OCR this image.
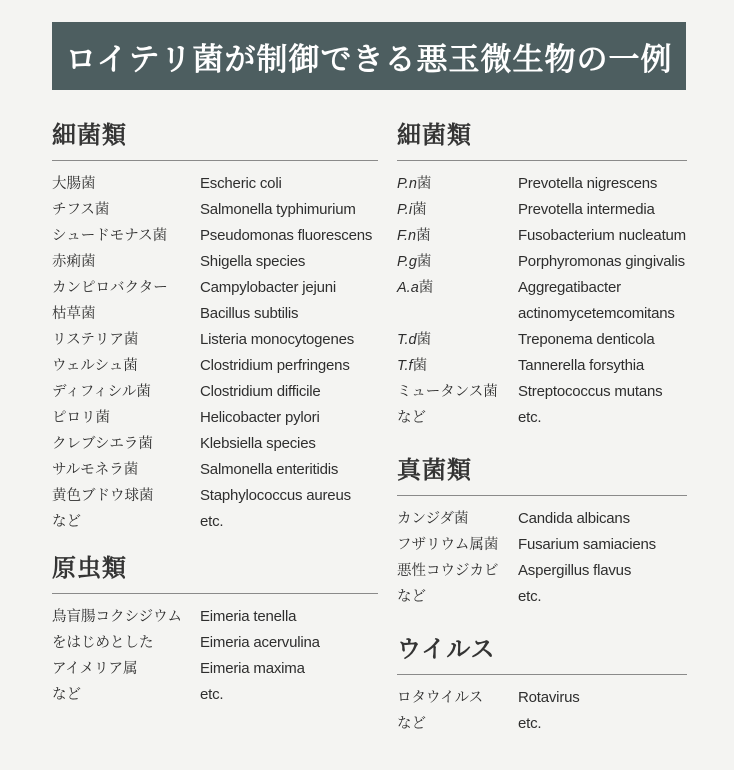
ロイテリ菌が制御できる悪玉微生物の一例
細菌類
大腸菌	Escheric coli
チフス菌	Salmonella typhimurium
シュードモナス菌	Pseudomonas fluorescens
赤痢菌	Shigella species
カンピロバクター	Campylobacter jejuni
枯草菌	Bacillus subtilis
リステリア菌	Listeria monocytogenes
ウェルシュ菌	Clostridium perfringens
ディフィシル菌	Clostridium difficile
ピロリ菌	Helicobacter pylori
クレブシエラ菌	Klebsiella species
サルモネラ菌	Salmonella enteritidis
黄色ブドウ球菌	Staphylococcus aureus
など	etc.
原虫類
鳥盲腸コクシジウム	Eimeria tenella
をはじめとした	Eimeria acervulina
アイメリア属	Eimeria maxima
など	etc.
細菌類
P.n菌	Prevotella nigrescens
P.i菌	Prevotella intermedia
F.n菌	Fusobacterium nucleatum
P.g菌	Porphyromonas gingivalis
A.a菌	Aggregatibacter
actinomycetemcomitans
T.d菌	Treponema denticola
T.f菌	Tannerella forsythia
ミュータンス菌	Streptococcus mutans
など	etc.
真菌類
カンジダ菌	Candida albicans
フザリウム属菌	Fusarium samiaciens
悪性コウジカビ	Aspergillus flavus
など	etc.
ウイルス
ロタウイルス	Rotavirus
など	etc.
